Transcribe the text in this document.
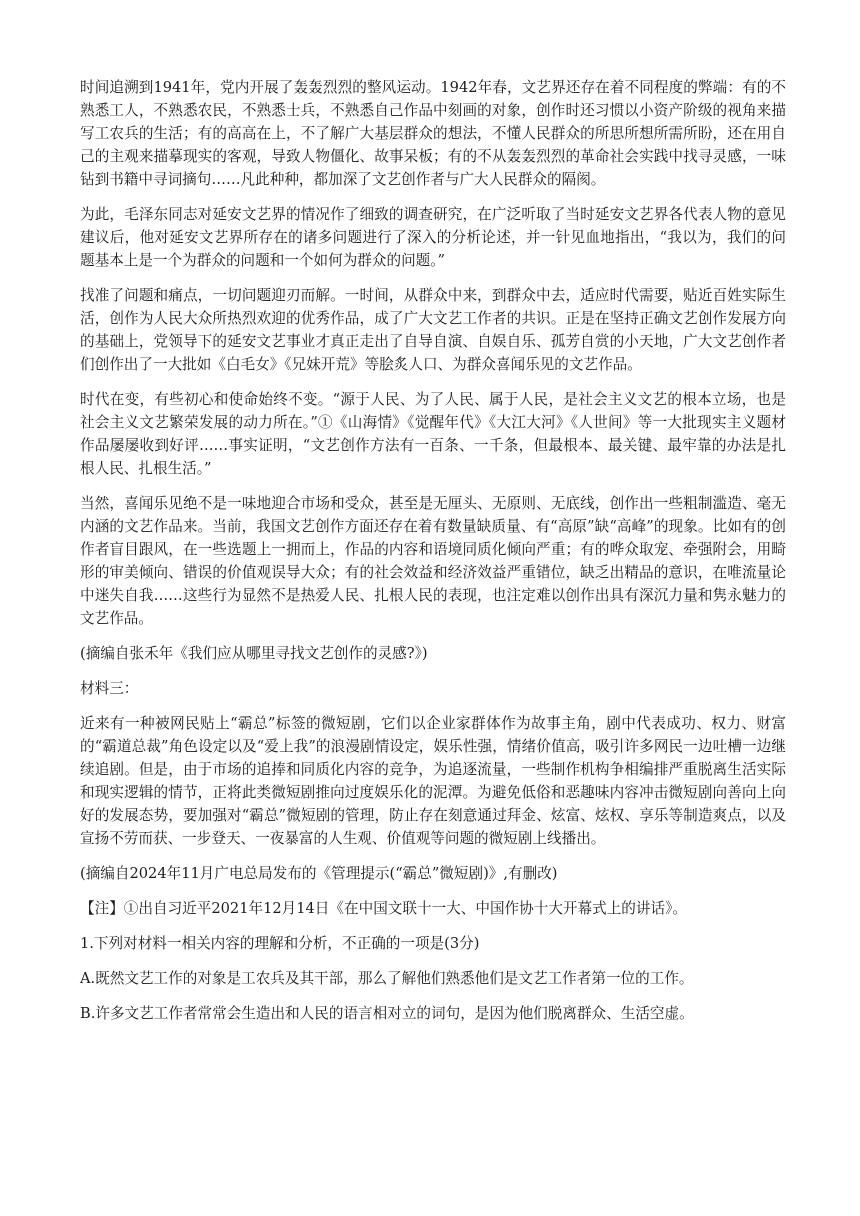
时间追溯到1941年，党内开展了轰轰烈烈的整风运动。1942年春，文艺界还存在着不同程度的弊端：有的不熟悉工人，不熟悉农民，不熟悉士兵，不熟悉自己作品中刻画的对象，创作时还习惯以小资产阶级的视角来描写工农兵的生活；有的高高在上，不了解广大基层群众的想法，不懂人民群众的所思所想所需所盼，还在用自己的主观来描摹现实的客观，导致人物僵化、故事呆板；有的不从轰轰烈烈的革命社会实践中找寻灵感，一味钻到书籍中寻词摘句……凡此种种，都加深了文艺创作者与广大人民群众的隔阂。

为此，毛泽东同志对延安文艺界的情况作了细致的调查研究，在广泛听取了当时延安文艺界各代表人物的意见建议后，他对延安文艺界所存在的诸多问题进行了深入的分析论述，并一针见血地指出，“我以为，我们的问题基本上是一个为群众的问题和一个如何为群众的问题。”

找准了问题和痛点，一切问题迎刃而解。一时间，从群众中来，到群众中去，适应时代需要，贴近百姓实际生活，创作为人民大众所热烈欢迎的优秀作品，成了广大文艺工作者的共识。正是在坚持正确文艺创作发展方向的基础上，党领导下的延安文艺事业才真正走出了自导自演、自娱自乐、孤芳自赏的小天地，广大文艺创作者们创作出了一大批如《白毛女》《兄妹开荒》等脍炙人口、为群众喜闻乐见的文艺作品。

时代在变，有些初心和使命始终不变。“源于人民、为了人民、属于人民，是社会主义文艺的根本立场，也是社会主义文艺繁荣发展的动力所在。”①《山海情》《觉醒年代》《大江大河》《人世间》等一大批现实主义题材作品屡屡收到好评……事实证明，“文艺创作方法有一百条、一千条，但最根本、最关键、最牢靠的办法是扎根人民、扎根生活。”

当然，喜闻乐见绝不是一味地迎合市场和受众，甚至是无厘头、无原则、无底线，创作出一些粗制滥造、毫无内涵的文艺作品来。当前，我国文艺创作方面还存在着有数量缺质量、有“高原”缺“高峰”的现象。比如有的创作者盲目跟风，在一些选题上一拥而上，作品的内容和语境同质化倾向严重；有的哗众取宠、牵强附会，用畸形的审美倾向、错误的价值观误导大众；有的社会效益和经济效益严重错位，缺乏出精品的意识，在唯流量论中迷失自我……这些行为显然不是热爱人民、扎根人民的表现，也注定难以创作出具有深沉力量和隽永魅力的文艺作品。

(摘编自张禾年《我们应从哪里寻找文艺创作的灵感?》)

材料三：

近来有一种被网民贴上“霸总”标签的微短剧，它们以企业家群体作为故事主角，剧中代表成功、权力、财富的“霸道总裁”角色设定以及“爱上我”的浪漫剧情设定，娱乐性强，情绪价值高，吸引许多网民一边吐槽一边继续追剧。但是，由于市场的追捧和同质化内容的竞争，为追逐流量，一些制作机构争相编排严重脱离生活实际和现实逻辑的情节，正将此类微短剧推向过度娱乐化的泥潭。为避免低俗和恶趣味内容冲击微短剧向善向上向好的发展态势，要加强对“霸总”微短剧的管理，防止存在刻意通过拜金、炫富、炫权、享乐等制造爽点，以及宣扬不劳而获、一步登天、一夜暴富的人生观、价值观等问题的微短剧上线播出。

(摘编自2024年11月广电总局发布的《管理提示(“霸总”微短剧)》,有删改)

【注】①出自习近平2021年12月14日《在中国文联十一大、中国作协十大开幕式上的讲话》。

1.下列对材料一相关内容的理解和分析，不正确的一项是(3分)

A.既然文艺工作的对象是工农兵及其干部，那么了解他们熟悉他们是文艺工作者第一位的工作。

B.许多文艺工作者常常会生造出和人民的语言相对立的词句，是因为他们脱离群众、生活空虚。
